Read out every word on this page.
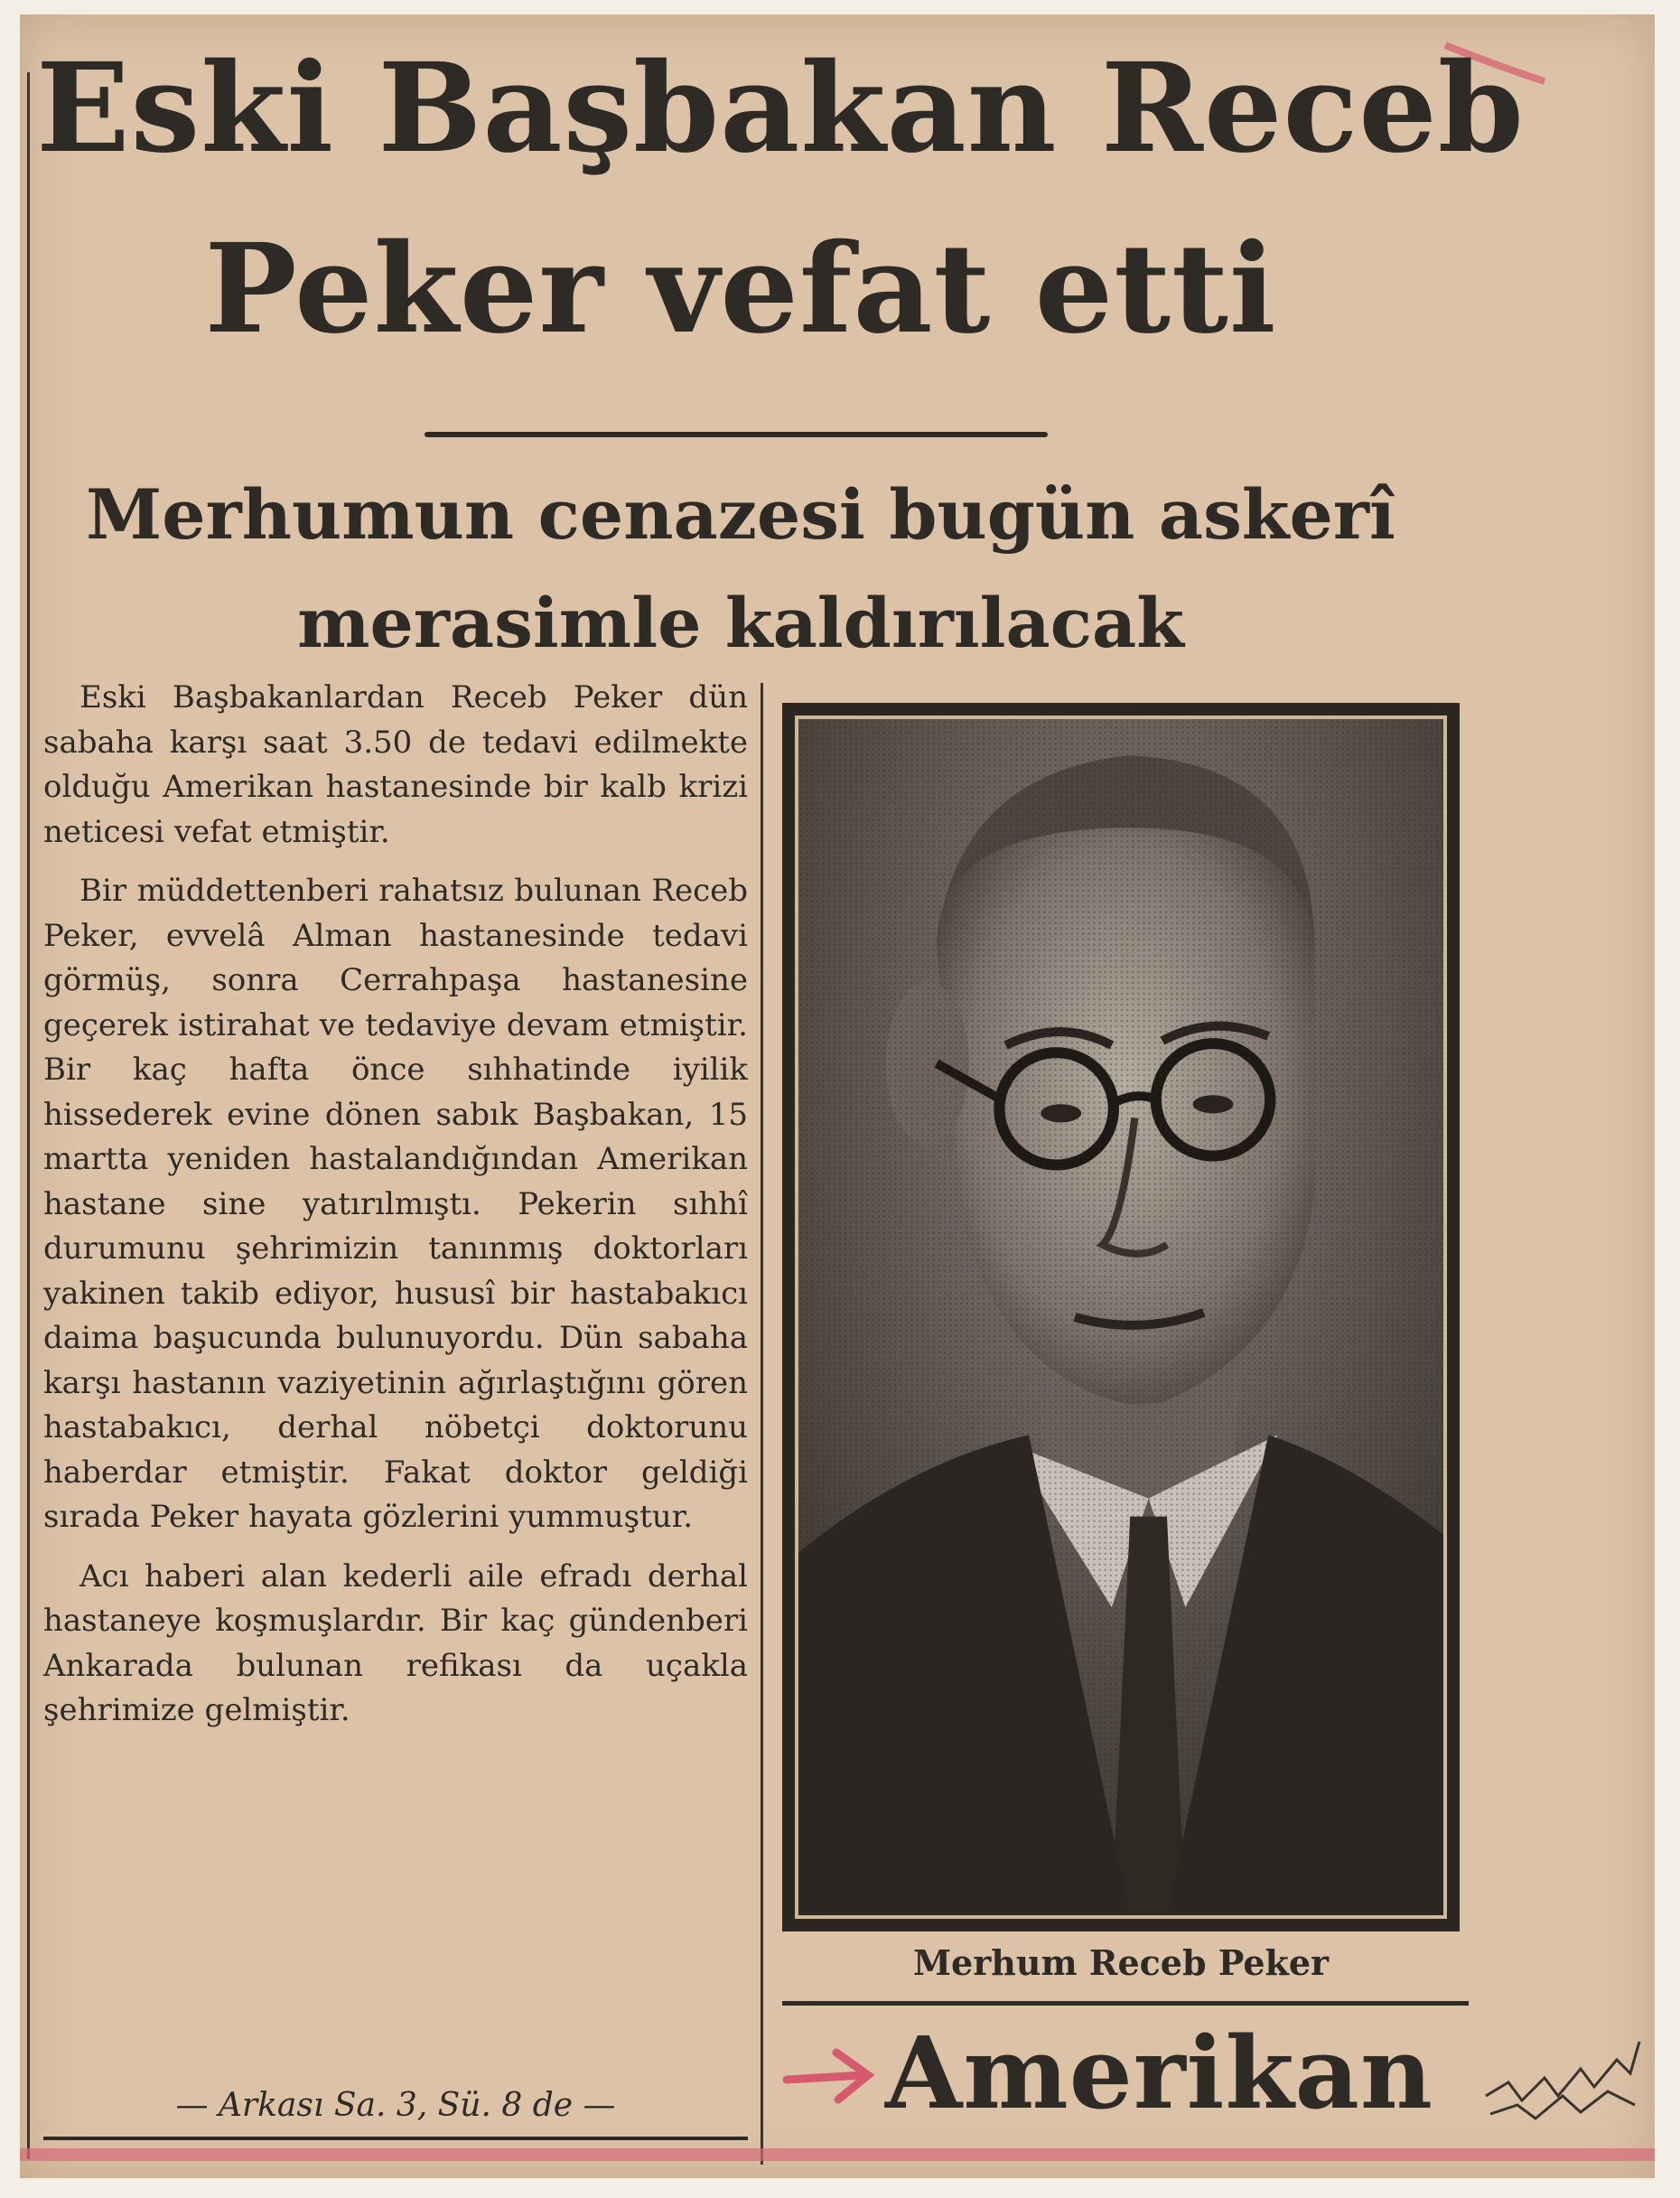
Eski Başbakan Receb
Peker vefat etti
Merhumun cenazesi bugün askerî
merasimle kaldırılacak

Eski Başbakanlardan Receb Peker dün sabaha karşı saat 3.50 de tedavi edilmekte olduğu Amerikan hastanesinde bir kalb krizi neticesi vefat etmiştir.

Bir müddettenberi rahatsız bulunan Receb Peker, evvelâ Alman hastanesinde tedavi görmüş, sonra Cerrahpaşa hastanesine geçerek istirahat ve tedaviye devam etmiştir. Bir kaç hafta önce sıhhatinde iyilik hissederek evine dönen sabık Başbakan, 15 martta yeniden hastalandığından Amerikan hastane sine yatırılmıştı. Pekerin sıhhî durumunu şehrimizin tanınmış doktorları yakinen takib ediyor, hususî bir hastabakıcı daima başucunda bulunuyordu. Dün sabaha karşı hastanın vaziyetinin ağırlaştığını gören hastabakıcı, derhal nöbetçi doktorunu haberdar etmiştir. Fakat doktor geldiği sırada Peker hayata gözlerini yummuştur.

Acı haberi alan kederli aile efradı derhal hastaneye koşmuşlardır. Bir kaç gündenberi Ankarada bulunan refikası da uçakla şehrimize gelmiştir.

— Arkası Sa. 3, Sü. 8 de —
Merhum Receb Peker
Amerikan
